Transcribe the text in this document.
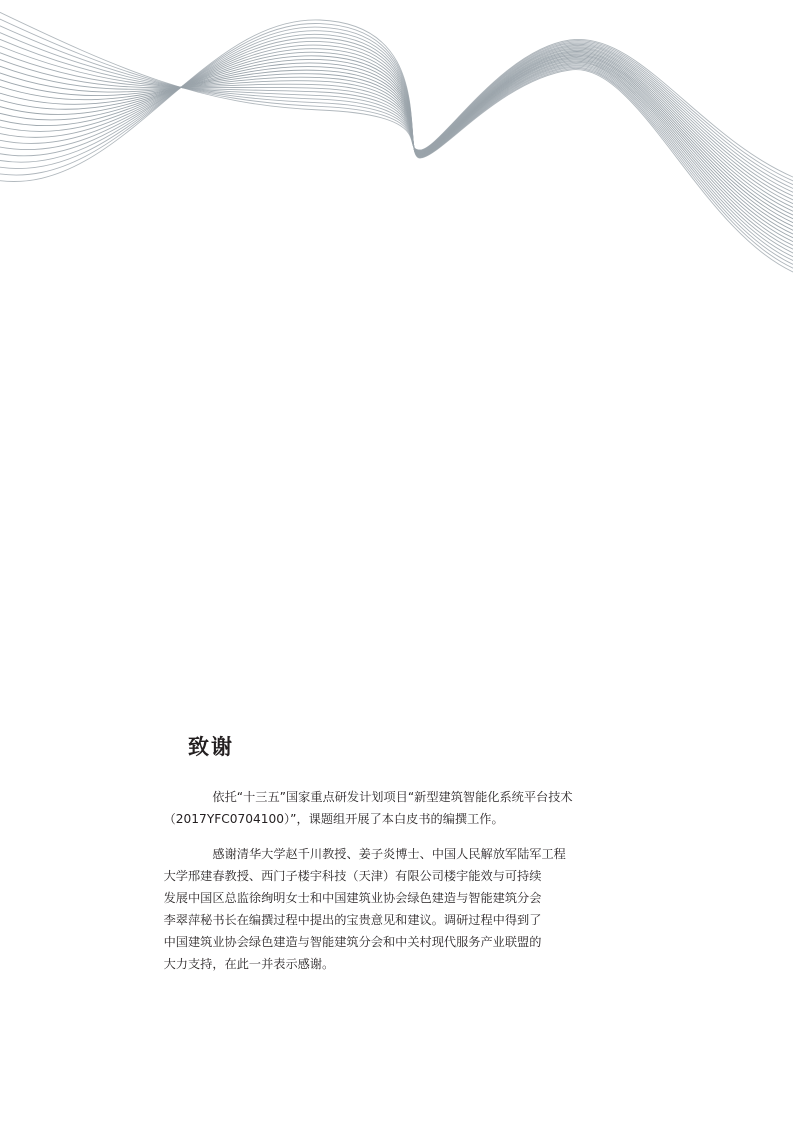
致谢

依托“十三五”国家重点研发计划项目“新型建筑智能化系统平台技术
（2017YFC0704100）”，课题组开展了本白皮书的编撰工作。

感谢清华大学赵千川教授、姜子炎博士、中国人民解放军陆军工程
大学邢建春教授、西门子楼宇科技（天津）有限公司楼宇能效与可持续
发展中国区总监徐绚明女士和中国建筑业协会绿色建造与智能建筑分会
李翠萍秘书长在编撰过程中提出的宝贵意见和建议。调研过程中得到了
中国建筑业协会绿色建造与智能建筑分会和中关村现代服务产业联盟的
大力支持，在此一并表示感谢。
